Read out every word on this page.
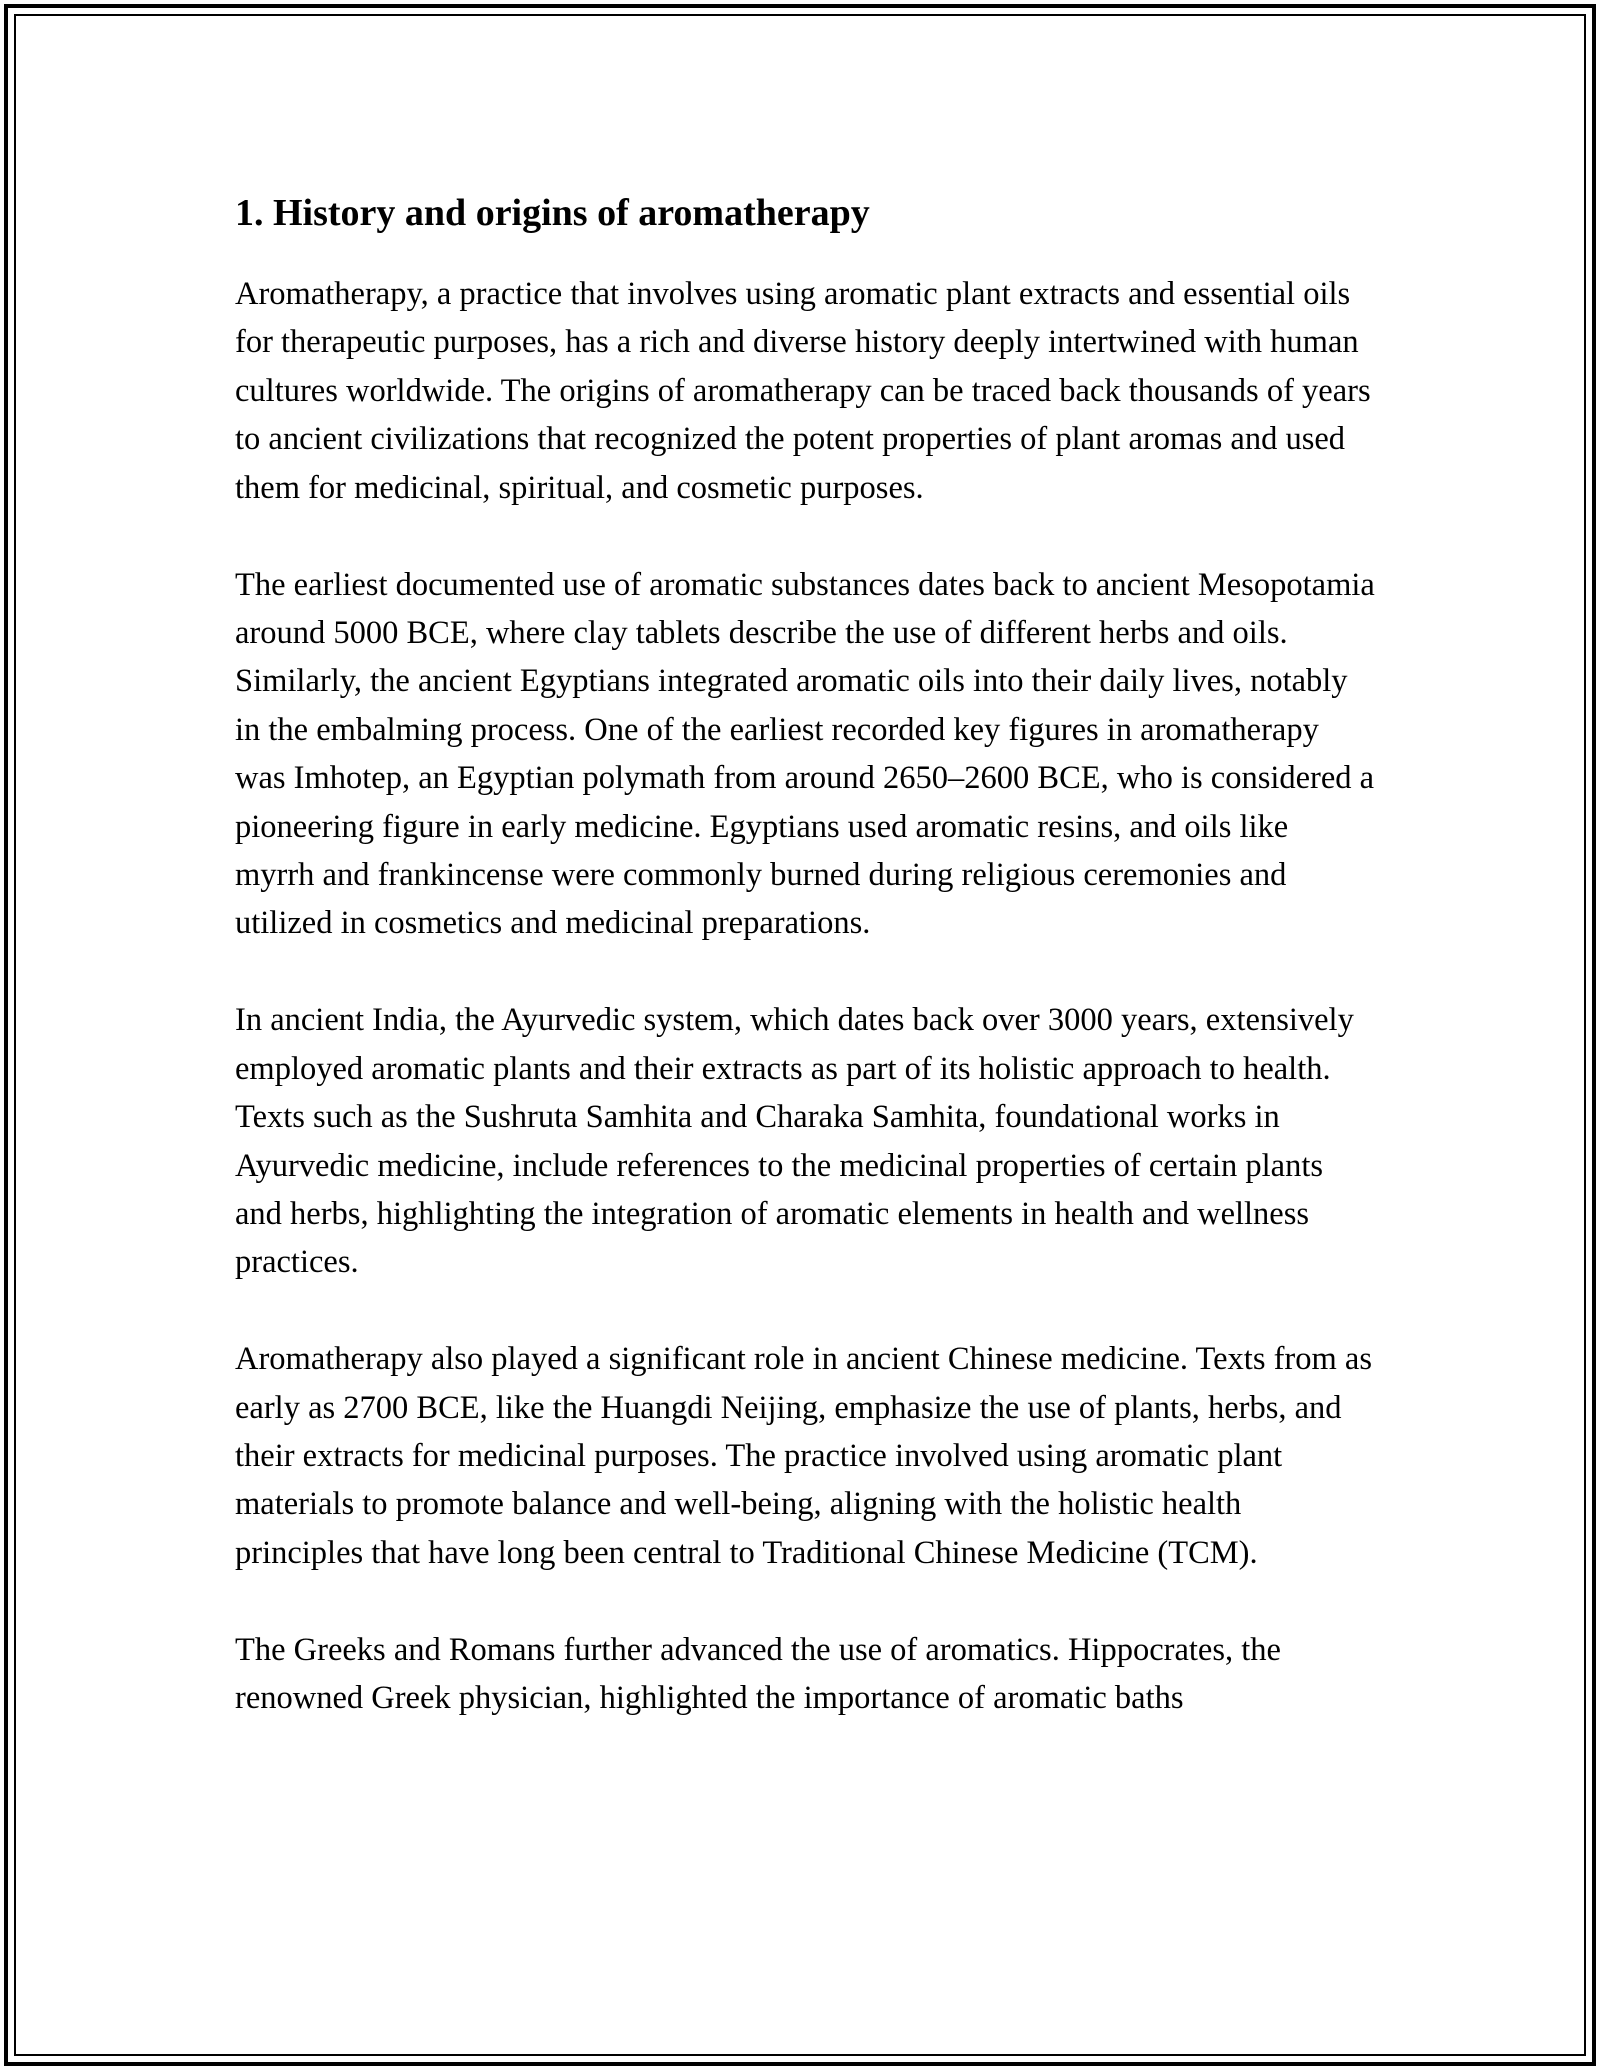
1. History and origins of aromatherapy

Aromatherapy, a practice that involves using aromatic plant extracts and essential oils for therapeutic purposes, has a rich and diverse history deeply intertwined with human cultures worldwide. The origins of aromatherapy can be traced back thousands of years to ancient civilizations that recognized the potent properties of plant aromas and used them for medicinal, spiritual, and cosmetic purposes.

The earliest documented use of aromatic substances dates back to ancient Mesopotamia around 5000 BCE, where clay tablets describe the use of different herbs and oils. Similarly, the ancient Egyptians integrated aromatic oils into their daily lives, notably in the embalming process. One of the earliest recorded key figures in aromatherapy was Imhotep, an Egyptian polymath from around 2650–2600 BCE, who is considered a pioneering figure in early medicine. Egyptians used aromatic resins, and oils like myrrh and frankincense were commonly burned during religious ceremonies and utilized in cosmetics and medicinal preparations.

In ancient India, the Ayurvedic system, which dates back over 3000 years, extensively employed aromatic plants and their extracts as part of its holistic approach to health. Texts such as the Sushruta Samhita and Charaka Samhita, foundational works in Ayurvedic medicine, include references to the medicinal properties of certain plants and herbs, highlighting the integration of aromatic elements in health and wellness practices.

Aromatherapy also played a significant role in ancient Chinese medicine. Texts from as early as 2700 BCE, like the Huangdi Neijing, emphasize the use of plants, herbs, and their extracts for medicinal purposes. The practice involved using aromatic plant materials to promote balance and well-being, aligning with the holistic health principles that have long been central to Traditional Chinese Medicine (TCM).

The Greeks and Romans further advanced the use of aromatics. Hippocrates, the renowned Greek physician, highlighted the importance of aromatic baths
